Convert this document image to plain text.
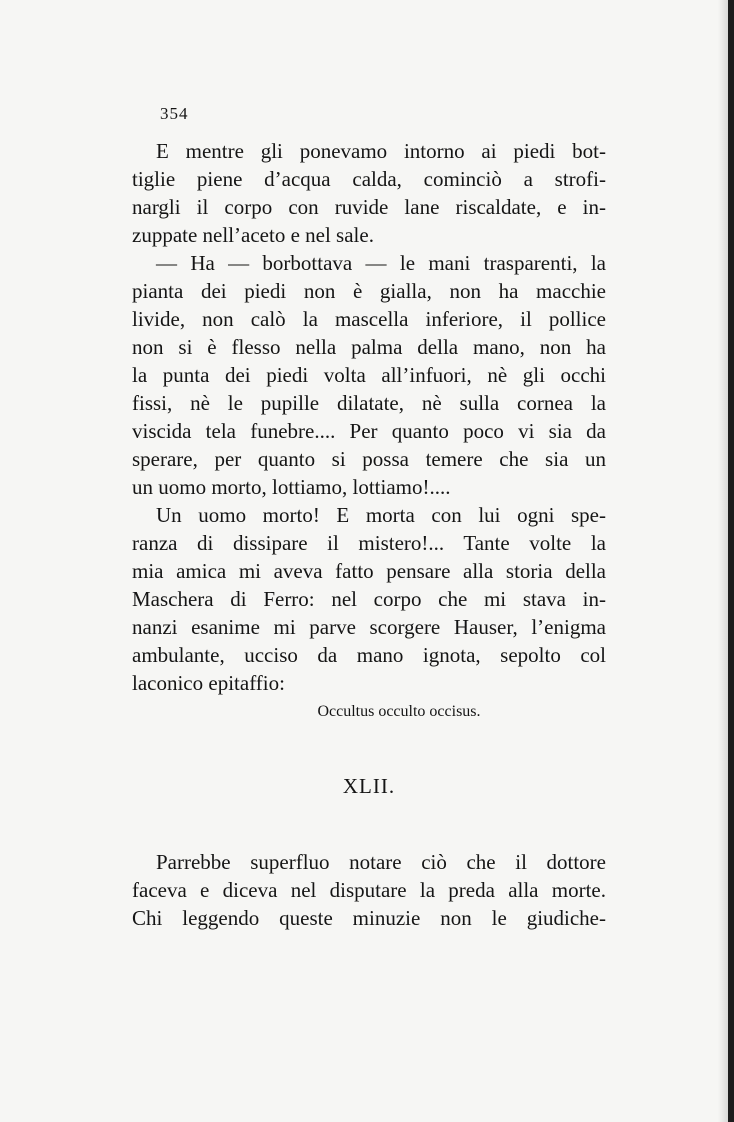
354
E mentre gli ponevamo intorno ai piedi bot-
tiglie piene d’acqua calda, cominciò a strofi-
nargli il corpo con ruvide lane riscaldate, e in-
zuppate nell’aceto e nel sale.
— Ha — borbottava — le mani trasparenti, la
pianta dei piedi non è gialla, non ha macchie
livide, non calò la mascella inferiore, il pollice
non si è flesso nella palma della mano, non ha
la punta dei piedi volta all’infuori, nè gli occhi
fissi, nè le pupille dilatate, nè sulla cornea la
viscida tela funebre.... Per quanto poco vi sia da
sperare, per quanto si possa temere che sia un
un uomo morto, lottiamo, lottiamo!....
Un uomo morto! E morta con lui ogni spe-
ranza di dissipare il mistero!... Tante volte la
mia amica mi aveva fatto pensare alla storia della
Maschera di Ferro: nel corpo che mi stava in-
nanzi esanime mi parve scorgere Hauser, l’enigma
ambulante, ucciso da mano ignota, sepolto col
laconico epitaffio:
Occultus occulto occisus.
XLII.
Parrebbe superfluo notare ciò che il dottore
faceva e diceva nel disputare la preda alla morte.
Chi leggendo queste minuzie non le giudiche-
